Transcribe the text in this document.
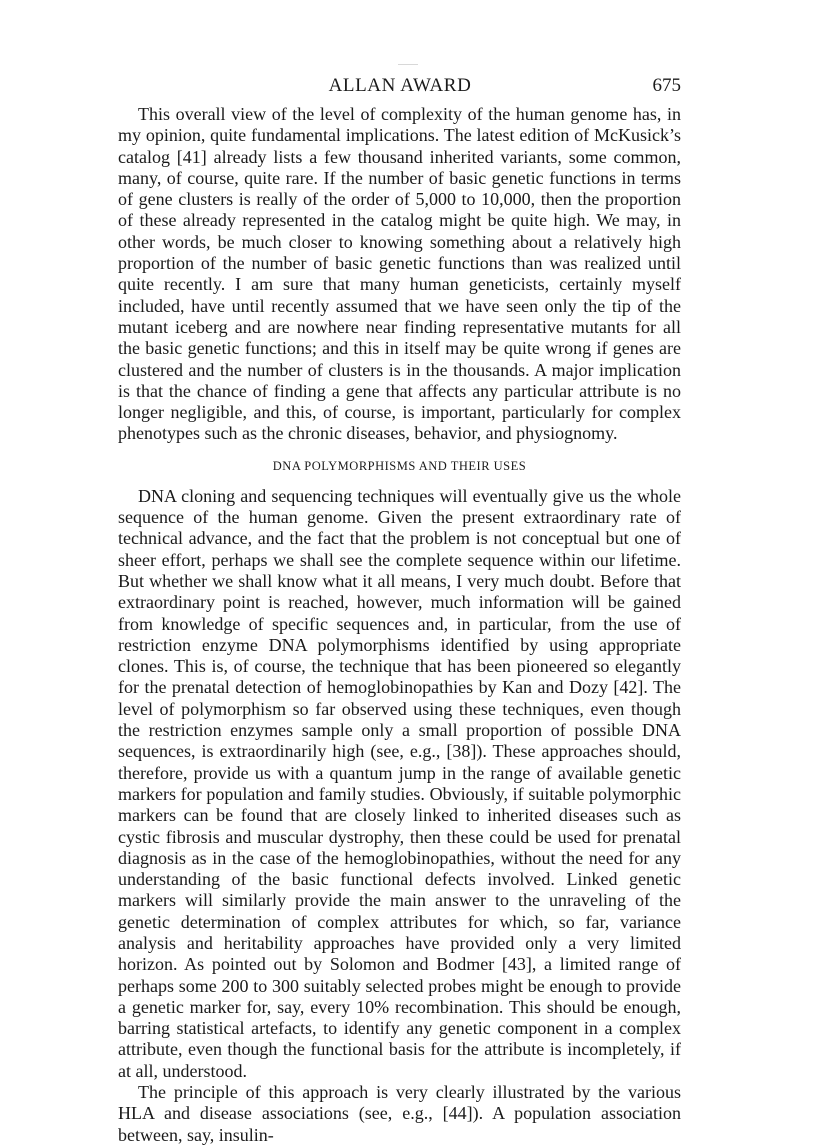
ALLAN AWARD	675

This overall view of the level of complexity of the human genome has, in my opinion, quite fundamental implications. The latest edition of McKusick’s catalog [41] already lists a few thousand inherited variants, some common, many, of course, quite rare. If the number of basic genetic functions in terms of gene clusters is really of the order of 5,000 to 10,000, then the proportion of these already represented in the catalog might be quite high. We may, in other words, be much closer to knowing something about a relatively high proportion of the number of basic genetic functions than was realized until quite recently. I am sure that many human geneticists, certainly myself included, have until recently assumed that we have seen only the tip of the mutant iceberg and are nowhere near finding representative mutants for all the basic genetic functions; and this in itself may be quite wrong if genes are clustered and the number of clusters is in the thousands. A major implication is that the chance of finding a gene that affects any particular attribute is no longer negligible, and this, of course, is important, particularly for complex phenotypes such as the chronic diseases, behavior, and physiognomy.

DNA POLYMORPHISMS AND THEIR USES

DNA cloning and sequencing techniques will eventually give us the whole sequence of the human genome. Given the present extraordinary rate of technical advance, and the fact that the problem is not conceptual but one of sheer effort, perhaps we shall see the complete sequence within our lifetime. But whether we shall know what it all means, I very much doubt. Before that extraordinary point is reached, however, much information will be gained from knowledge of specific sequences and, in particular, from the use of restriction enzyme DNA polymorphisms identified by using appropriate clones. This is, of course, the technique that has been pioneered so elegantly for the prenatal detection of hemoglobinopathies by Kan and Dozy [42]. The level of polymorphism so far observed using these techniques, even though the restriction enzymes sample only a small proportion of possible DNA sequences, is extraordinarily high (see, e.g., [38]). These approaches should, therefore, provide us with a quantum jump in the range of available genetic markers for population and family studies. Obviously, if suitable polymorphic markers can be found that are closely linked to inherited diseases such as cystic fibrosis and muscular dystrophy, then these could be used for prenatal diagnosis as in the case of the hemoglobinopathies, without the need for any understanding of the basic functional defects involved. Linked genetic markers will similarly provide the main answer to the unraveling of the genetic determination of complex attributes for which, so far, variance analysis and heritability approaches have provided only a very limited horizon. As pointed out by Solomon and Bodmer [43], a limited range of perhaps some 200 to 300 suitably selected probes might be enough to provide a genetic marker for, say, every 10% recombination. This should be enough, barring statistical artefacts, to identify any genetic component in a complex attribute, even though the functional basis for the attribute is incompletely, if at all, understood.

The principle of this approach is very clearly illustrated by the various HLA and disease associations (see, e.g., [44]). A population association between, say, insulin-
